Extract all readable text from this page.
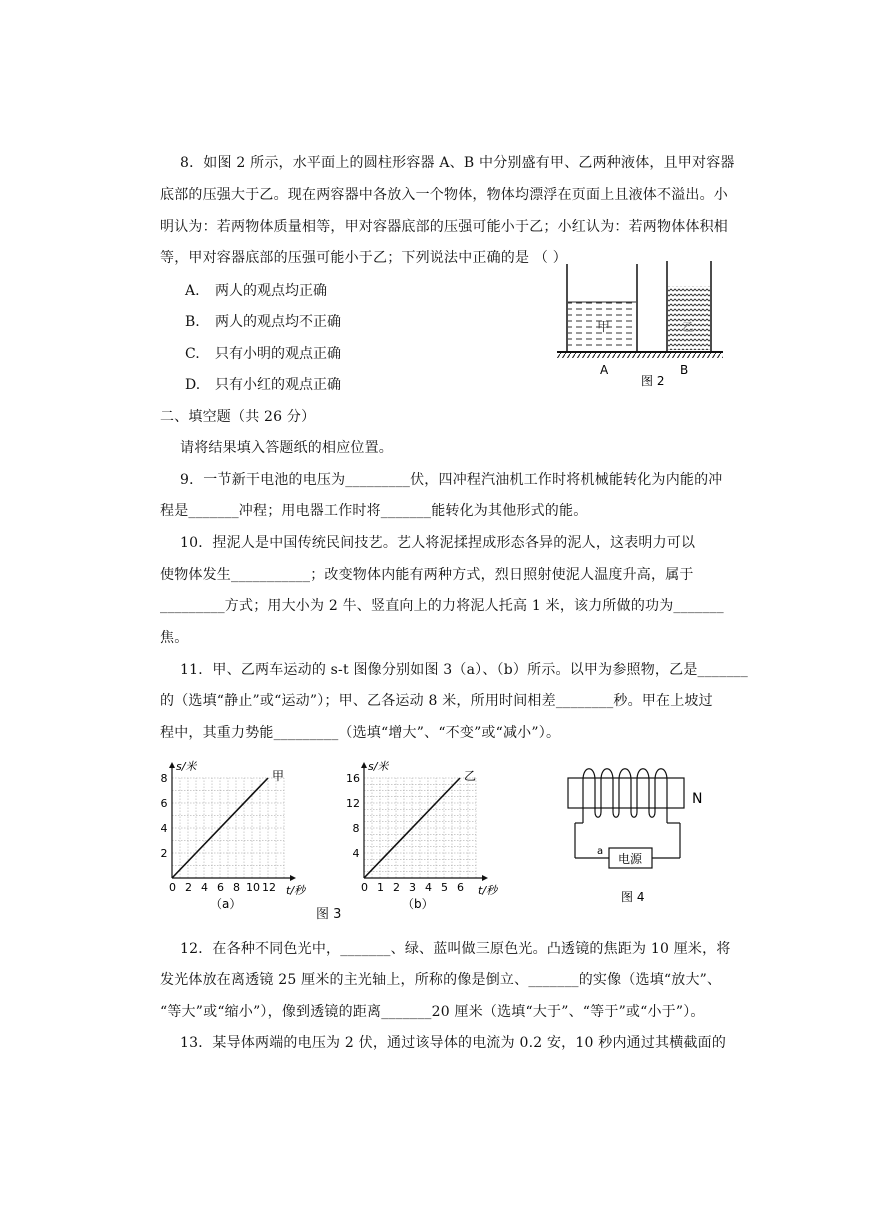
8．如图 2 所示，水平面上的圆柱形容器 A、B 中分别盛有甲、乙两种液体，且甲对容器
底部的压强大于乙。现在两容器中各放入一个物体，物体均漂浮在页面上且液体不溢出。小
明认为：若两物体质量相等，甲对容器底部的压强可能小于乙；小红认为：若两物体体积相
等，甲对容器底部的压强可能小于乙；下列说法中正确的是 （ ）
A. 两人的观点均正确
B. 两人的观点均不正确
C. 只有小明的观点正确
D. 只有小红的观点正确
甲	乙
A	B
图 2
二、填空题（共 26 分）
请将结果填入答题纸的相应位置。
9．一节新干电池的电压为_________伏，四冲程汽油机工作时将机械能转化为内能的冲
程是_______冲程；用电器工作时将_______能转化为其他形式的能。
10．捏泥人是中国传统民间技艺。艺人将泥揉捏成形态各异的泥人，这表明力可以
使物体发生___________；改变物体内能有两种方式，烈日照射使泥人温度升高，属于
_________方式；用大小为 2 牛、竖直向上的力将泥人托高 1 米，该力所做的功为_______
焦。
11．甲、乙两车运动的 s-t 图像分别如图 3（a）、（b）所示。以甲为参照物，乙是_______
的（选填“静止”或“运动”）；甲、乙各运动 8 米，所用时间相差________秒。甲在上坡过
程中，其重力势能_________（选填“增大”、“不变”或“减小”）。
0 2 4 6 8 10 12
2
4
6
8
s/米
t/秒
甲
（a）
0 1 2 3 4 5 6
4
8
12
16
s/米
t/秒
乙
（b）
图 3
电源
a
N
图 4
12．在各种不同色光中，_______、绿、蓝叫做三原色光。凸透镜的焦距为 10 厘米，将
发光体放在离透镜 25 厘米的主光轴上，所称的像是倒立、_______的实像（选填“放大”、
“等大”或“缩小”），像到透镜的距离_______20 厘米（选填“大于”、“等于”或“小于”）。
13．某导体两端的电压为 2 伏，通过该导体的电流为 0.2 安，10 秒内通过其横截面的
